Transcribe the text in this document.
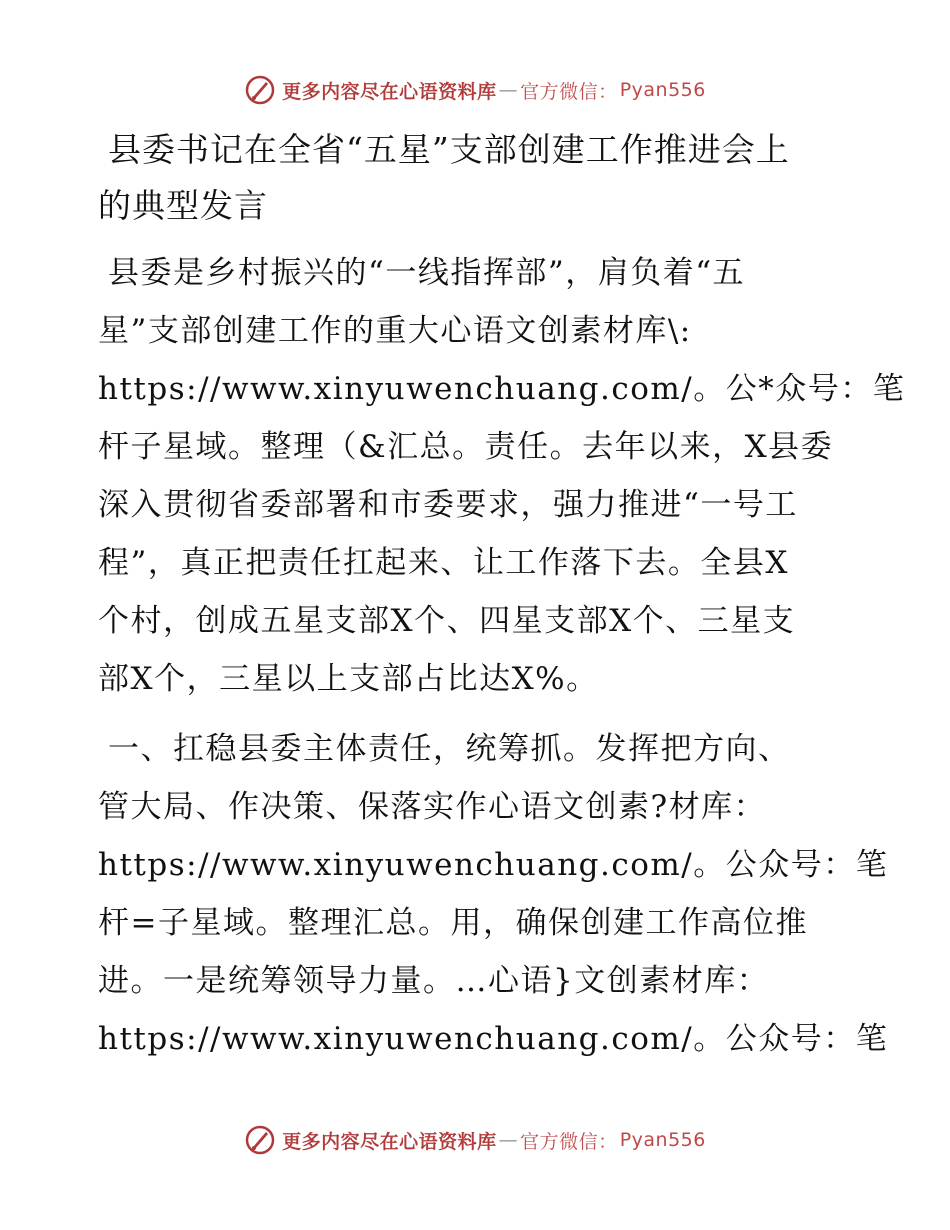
更多内容尽在心语资料库 — 官方微信： Pyan556
县委书记在全省“五星”支部创建工作推进会上
的典型发言

县委是乡村振兴的“一线指挥部”，肩负着“五
星”支部创建工作的重大心语文创素材库\:
https://www.xinyuwenchuang.com/。公*众号：笔
杆子星域。整理（&汇总。责任。去年以来，X县委
深入贯彻省委部署和市委要求，强力推进“一号工
程”，真正把责任扛起来、让工作落下去。全县X
个村，创成五星支部X个、四星支部X个、三星支
部X个，三星以上支部占比达X%。

一、扛稳县委主体责任，统筹抓。发挥把方向、
管大局、作决策、保落实作心语文创素?材库：
https://www.xinyuwenchuang.com/。公众号：笔
杆=子星域。整理汇总。用，确保创建工作高位推
进。一是统筹领导力量。…心语}文创素材库：
https://www.xinyuwenchuang.com/。公众号：笔

更多内容尽在心语资料库 — 官方微信： Pyan556
